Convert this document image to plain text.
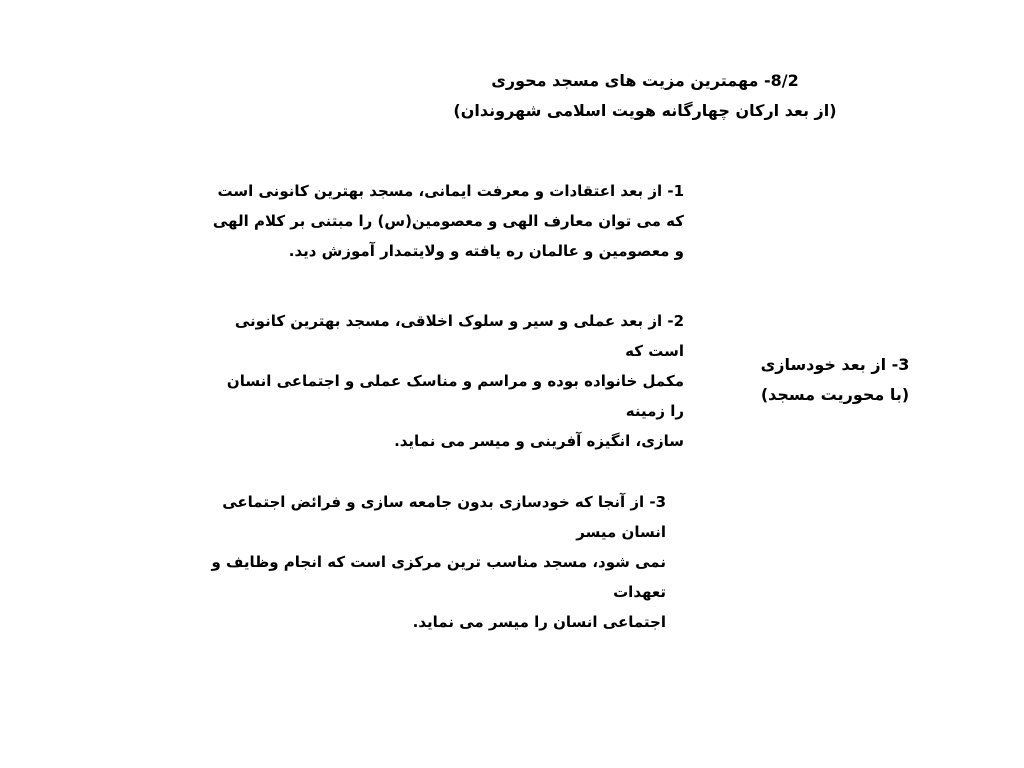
8/2- مهمترین مزیت های مسجد محوری
(از بعد ارکان چهارگانه هویت اسلامی شهروندان)
3- از بعد خودسازی
(با محوریت مسجد)
1- از بعد اعتقادات و معرفت ایمانی، مسجد بهترین کانونی است
که می توان معارف الهی و معصومین(س) را مبتنی بر کلام الهی
و معصومین و عالمان ره یافته و ولایتمدار آموزش دید.
2- از بعد عملی و سیر و سلوک اخلاقی، مسجد بهترین کانونی
است که
مکمل خانواده بوده و مراسم و مناسک عملی و اجتماعی انسان
را زمینه
سازی، انگیزه آفرینی و میسر می نماید.
3- از آنجا که خودسازی بدون جامعه سازی و فرائض اجتماعی
انسان میسر
نمی شود، مسجد مناسب ترین مرکزی است که انجام وظایف و
تعهدات
اجتماعی انسان را میسر می نماید.
